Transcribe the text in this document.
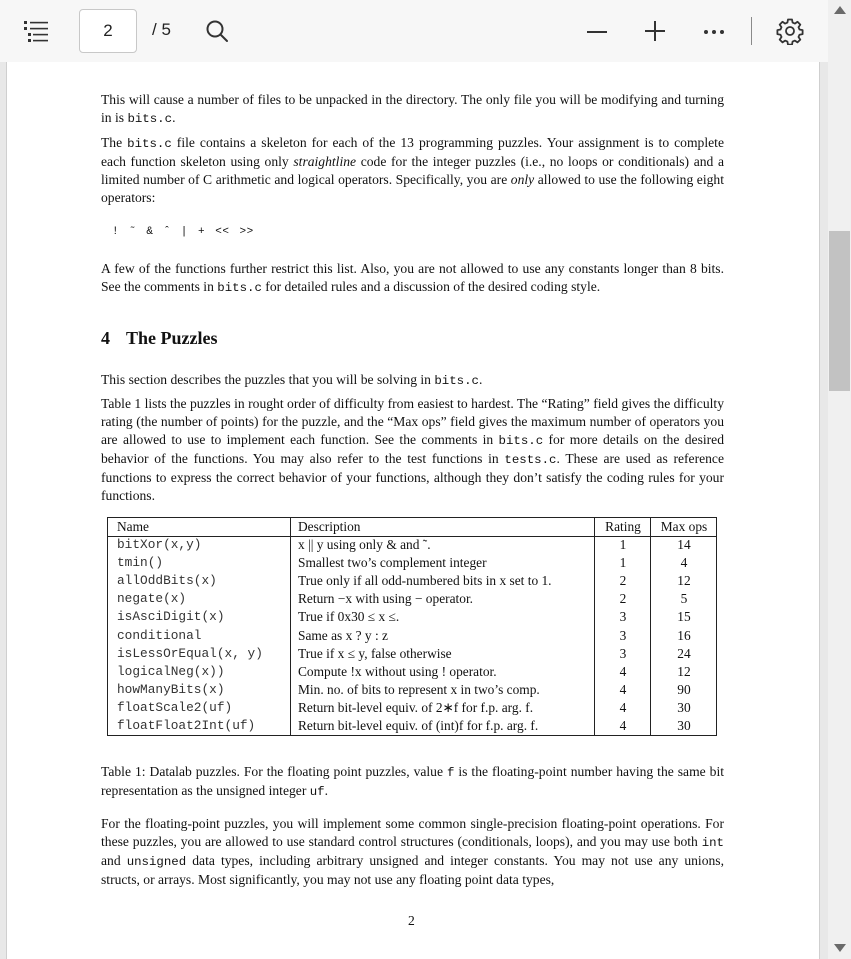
2	/ 5
This will cause a number of files to be unpacked in the directory. The only file you will be modifying and turning in is bits.c.
The bits.c file contains a skeleton for each of the 13 programming puzzles. Your assignment is to complete each function skeleton using only straightline code for the integer puzzles (i.e., no loops or conditionals) and a limited number of C arithmetic and logical operators. Specifically, you are only allowed to use the following eight operators:
! ˜ & ˆ | + << >>
A few of the functions further restrict this list. Also, you are not allowed to use any constants longer than 8 bits. See the comments in bits.c for detailed rules and a discussion of the desired coding style.
4 The Puzzles
This section describes the puzzles that you will be solving in bits.c.
Table 1 lists the puzzles in rought order of difficulty from easiest to hardest. The “Rating” field gives the difficulty rating (the number of points) for the puzzle, and the “Max ops” field gives the maximum number of operators you are allowed to use to implement each function. See the comments in bits.c for more details on the desired behavior of the functions. You may also refer to the test functions in tests.c. These are used as reference functions to express the correct behavior of your functions, although they don’t satisfy the coding rules for your functions.
Name	Description	Rating	Max ops
bitXor(x,y)	x || y using only & and ˜.	1	14
tmin()	Smallest two’s complement integer	1	4
allOddBits(x)	True only if all odd-numbered bits in x set to 1.	2	12
negate(x)	Return −x with using − operator.	2	5
isAsciDigit(x)	True if 0x30 ≤ x ≤.	3	15
conditional	Same as x ? y : z	3	16
isLessOrEqual(x, y)	True if x ≤ y, false otherwise	3	24
logicalNeg(x))	Compute !x without using ! operator.	4	12
howManyBits(x)	Min. no. of bits to represent x in two’s comp.	4	90
floatScale2(uf)	Return bit-level equiv. of 2∗f for f.p. arg. f.	4	30
floatFloat2Int(uf)	Return bit-level equiv. of (int)f for f.p. arg. f.	4	30
Table 1: Datalab puzzles. For the floating point puzzles, value f is the floating-point number having the same bit representation as the unsigned integer uf.
For the floating-point puzzles, you will implement some common single-precision floating-point operations. For these puzzles, you are allowed to use standard control structures (conditionals, loops), and you may use both int and unsigned data types, including arbitrary unsigned and integer constants. You may not use any unions, structs, or arrays. Most significantly, you may not use any floating point data types,
2
